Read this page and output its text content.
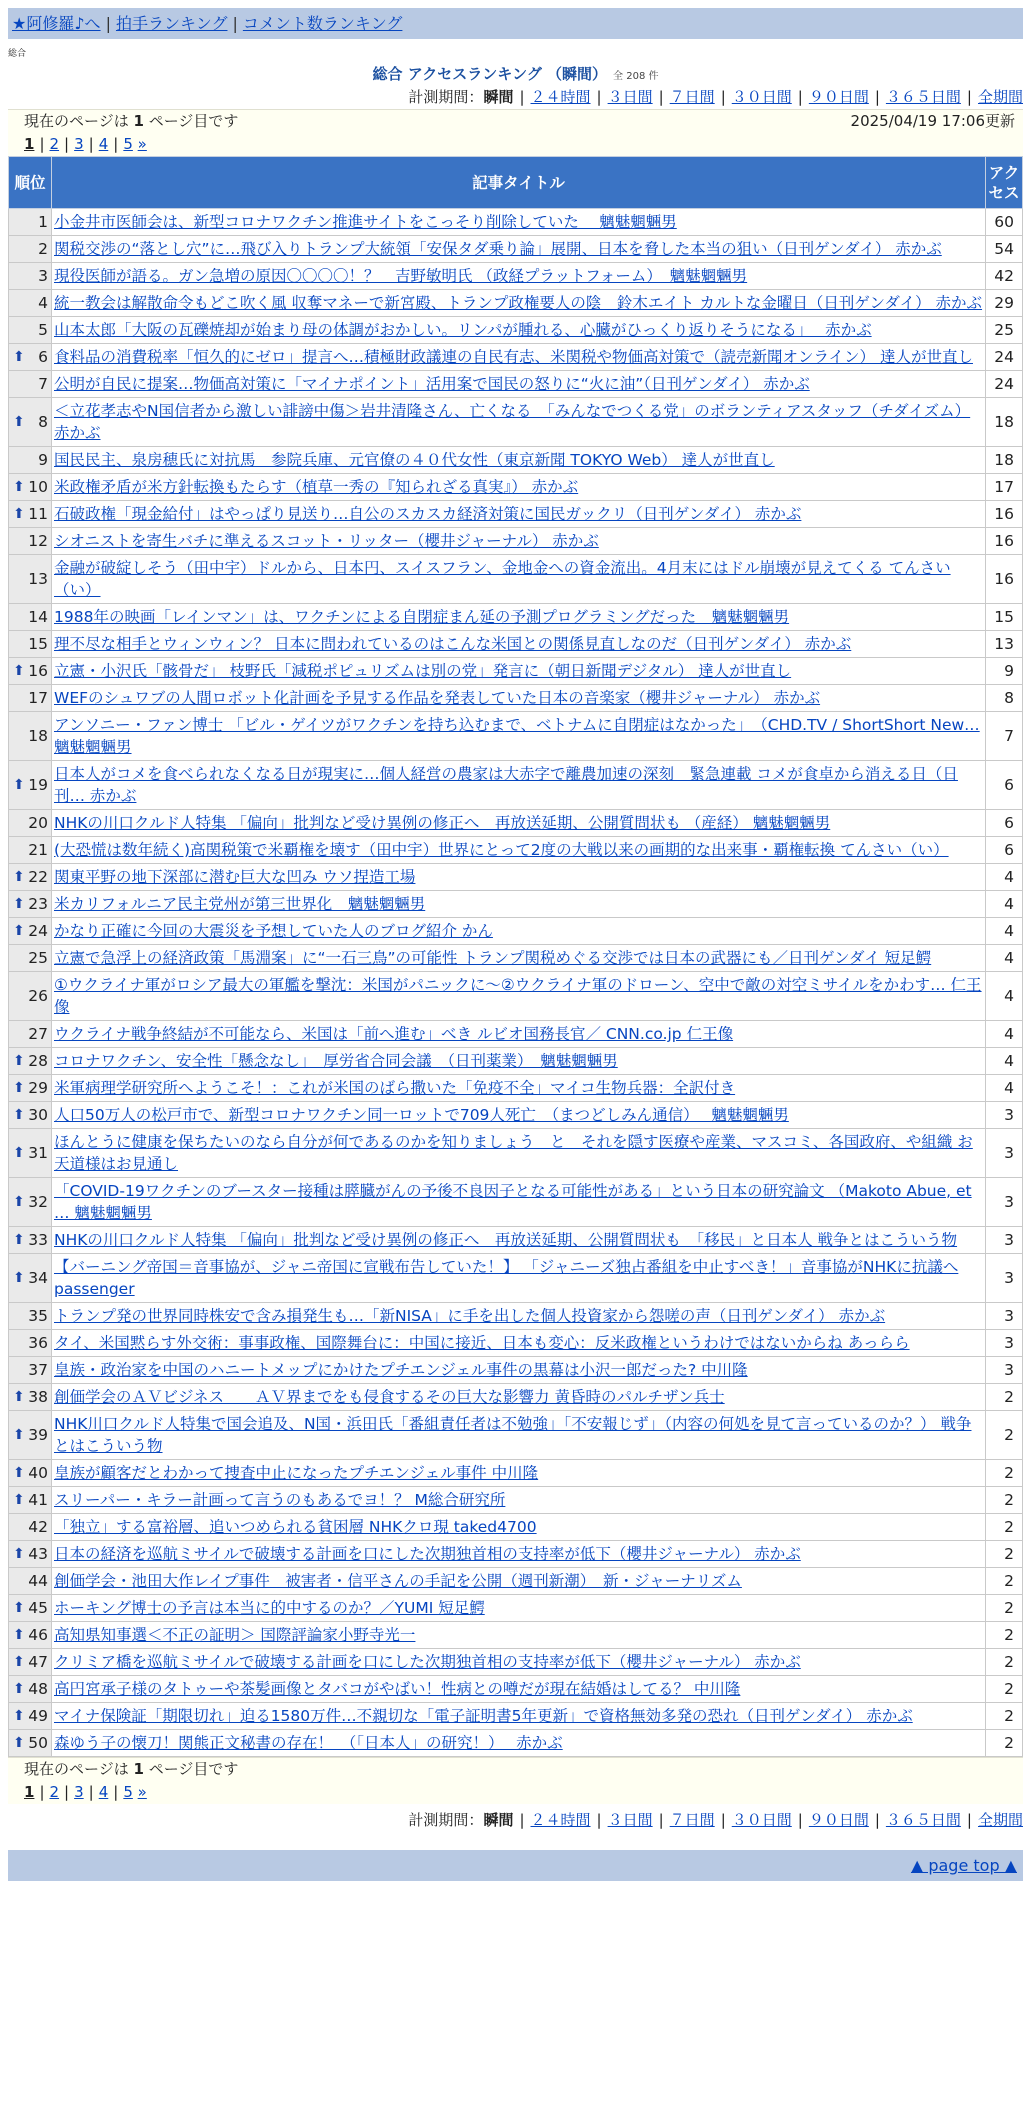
★阿修羅♪へ | 拍手ランキング | コメント数ランキング
総合
総合 アクセスランキング （瞬間） 全 208 件
計測期間：瞬間 | ２４時間 | ３日間 | ７日間 | ３０日間 | ９０日間 | ３６５日間 | 全期間
現在のページは 1 ページ目です	2025/04/19 17:06更新
1 | 2 | 3 | 4 | 5 »
順位	記事タイトル	アクセス
1	小金井市医師会は、新型コロナワクチン推進サイトをこっそり削除していた　 魑魅魍魎男	60
2	関税交渉の“落とし穴”に…飛び入りトランプ大統領「安保タダ乗り論」展開、日本を脅した本当の狙い（日刊ゲンダイ） 赤かぶ	54
3	現役医師が語る。ガン急増の原因〇〇〇〇！？　吉野敏明氏 （政経プラットフォーム）　魑魅魍魎男	42
4	統一教会は解散命令もどこ吹く風 収奪マネーで新宮殿、トランプ政権要人の陰　鈴木エイト カルトな金曜日（日刊ゲンダイ） 赤かぶ	29
5	山本太郎「大阪の瓦礫焼却が始まり母の体調がおかしい。リンパが腫れる、心臓がひっくり返りそうになる」　 赤かぶ	25

⬆ 6	食料品の消費税率「恒久的にゼロ」提言へ…積極財政議連の自民有志、米関税や物価高対策で（読売新聞オンライン） 達人が世直し	24
7	公明が自民に提案…物価高対策に「マイナポイント」活用案で国民の怒りに“火に油”（日刊ゲンダイ） 赤かぶ	24

⬆ 8	＜立花孝志やN国信者から激しい誹謗中傷＞岩井清隆さん、亡くなる　「みんなでつくる党」のボランティアスタッフ（チダイズム） 赤かぶ	18
9	国民民主、泉房穂氏に対抗馬　参院兵庫、元官僚の４０代女性（東京新聞 TOKYO Web） 達人が世直し	18

⬆ 10	米政権矛盾が米方針転換もたらす（植草一秀の『知られざる真実』） 赤かぶ	17

⬆ 11	石破政権「現金給付」はやっぱり見送り…自公のスカスカ経済対策に国民ガックリ（日刊ゲンダイ） 赤かぶ	16
12	シオニストを寄生バチに準えるスコット・リッター（櫻井ジャーナル） 赤かぶ	16
13	金融が破綻しそう（田中宇）ドルから、日本円、スイスフラン、金地金への資金流出。4月末にはドル崩壊が見えてくる てんさい（い）	16
14	1988年の映画「レインマン」は、ワクチンによる自閉症まん延の予測プログラミングだった　魑魅魍魎男	15
15	理不尽な相手とウィンウィン？ 日本に問われているのはこんな米国との関係見直しなのだ（日刊ゲンダイ） 赤かぶ	13

⬆ 16	立憲・小沢氏「骸骨だ」 枝野氏「減税ポピュリズムは別の党」発言に（朝日新聞デジタル） 達人が世直し	9
17	WEFのシュワブの人間ロボット化計画を予見する作品を発表していた日本の音楽家（櫻井ジャーナル） 赤かぶ	8
18	アンソニー・ファン博士 「ビル・ゲイツがワクチンを持ち込むまで、ベトナムに自閉症はなかった」　（CHD.TV / ShortShort New… 魑魅魍魎男	7

⬆ 19	日本人がコメを食べられなくなる日が現実に…個人経営の農家は大赤字で離農加速の深刻　緊急連載 コメが食卓から消える日（日刊… 赤かぶ	6
20	NHKの川口クルド人特集 「偏向」批判など受け異例の修正へ　再放送延期、公開質問状も （産経） 魑魅魍魎男	6
21	(大恐慌は数年続く)高関税策で米覇権を壊す（田中宇）世界にとって2度の大戦以来の画期的な出来事・覇権転換 てんさい（い）	6

⬆ 22	関東平野の地下深部に潜む巨大な凹み ウソ捏造工場	4

⬆ 23	米カリフォルニア民主党州が第三世界化　魑魅魍魎男	4

⬆ 24	かなり正確に今回の大震災を予想していた人のブログ紹介 かん	4
25	立憲で急浮上の経済政策「馬淵案」に“一石三鳥”の可能性 トランプ関税めぐる交渉では日本の武器にも／日刊ゲンダイ 短足鰐	4
26	①ウクライナ軍がロシア最大の軍艦を撃沈：米国がパニックに～②ウクライナ軍のドローン、空中で敵の対空ミサイルをかわす… 仁王像	4
27	ウクライナ戦争終結が不可能なら、米国は「前へ進む」べき ルビオ国務長官／ CNN.co.jp 仁王像	4

⬆ 28	コロナワクチン、安全性「懸念なし」　厚労省合同会議　（日刊薬業）　魑魅魍魎男	4

⬆ 29	米軍病理学研究所へようこそ！：これが米国のばら撒いた「免疫不全」マイコ生物兵器：全訳付き	4

⬆ 30	人口50万人の松戸市で、新型コロナワクチン同一ロットで709人死亡　（まつどしみん通信）　 魑魅魍魎男	3

⬆ 31	ほんとうに健康を保ちたいのなら自分が何であるのかを知りましょう　と　それを隠す医療や産業、マスコミ、各国政府、や組織 お天道様はお見通し	3

⬆ 32	「COVID-19ワクチンのブースター接種は膵臓がんの予後不良因子となる可能性がある」という日本の研究論文 （Makoto Abue, et … 魑魅魍魎男	3

⬆ 33	NHKの川口クルド人特集 「偏向」批判など受け異例の修正へ　再放送延期、公開質問状も　「移民」と日本人 戦争とはこういう物	3

⬆ 34	【バーニング帝国＝音事協が、ジャニ帝国に宣戦布告していた！】 「ジャニーズ独占番組を中止すべき！」音事協がNHKに抗議へ passenger	3
35	トランプ発の世界同時株安で含み損発生も…「新NISA」に手を出した個人投資家から怨嗟の声（日刊ゲンダイ） 赤かぶ	3
36	タイ、米国黙らす外交術：事事政権、国際舞台に：中国に接近、日本も変心：反米政権というわけではないからね あっらら	3
37	皇族・政治家を中国のハニートメップにかけたプチエンジェル事件の黒幕は小沢一郎だった? 中川隆	3

⬆ 38	創価学会のＡＶビジネス　　ＡＶ界までをも侵食するその巨大な影響力 黄昏時のパルチザン兵士	2

⬆ 39	NHK川口クルド人特集で国会追及、N国・浜田氏「番組責任者は不勉強」「不安報じず」（内容の何処を見て言っているのか？） 戦争とはこういう物	2

⬆ 40	皇族が顧客だとわかって捜査中止になったプチエンジェル事件 中川隆	2

⬆ 41	スリーパー・キラー計画って言うのもあるでヨ！？ M総合研究所	2
42	「独立」する富裕層、追いつめられる貧困層 NHKクロ現 taked4700	2

⬆ 43	日本の経済を巡航ミサイルで破壊する計画を口にした次期独首相の支持率が低下（櫻井ジャーナル） 赤かぶ	2
44	創価学会・池田大作レイプ事件　被害者・信平さんの手記を公開（週刊新潮）　新・ジャーナリズム	2

⬆ 45	ホーキング博士の予言は本当に的中するのか？／YUMI 短足鰐	2

⬆ 46	高知県知事選＜不正の証明＞ 国際評論家小野寺光一	2

⬆ 47	クリミア橋を巡航ミサイルで破壊する計画を口にした次期独首相の支持率が低下（櫻井ジャーナル） 赤かぶ	2

⬆ 48	高円宮承子様のタトゥーや茶髪画像とタバコがやばい！性病との噂だが現在結婚はしてる？ 中川隆	2

⬆ 49	マイナ保険証「期限切れ」迫る1580万件…不親切な「電子証明書5年更新」で資格無効多発の恐れ（日刊ゲンダイ） 赤かぶ	2

⬆ 50	森ゆう子の懐刀！関熊正文秘書の存在！　（「日本人」の研究！）　 赤かぶ	2
現在のページは 1 ページ目です
1 | 2 | 3 | 4 | 5 »
計測期間：瞬間 | ２４時間 | ３日間 | ７日間 | ３０日間 | ９０日間 | ３６５日間 | 全期間
▲ page top ▲
